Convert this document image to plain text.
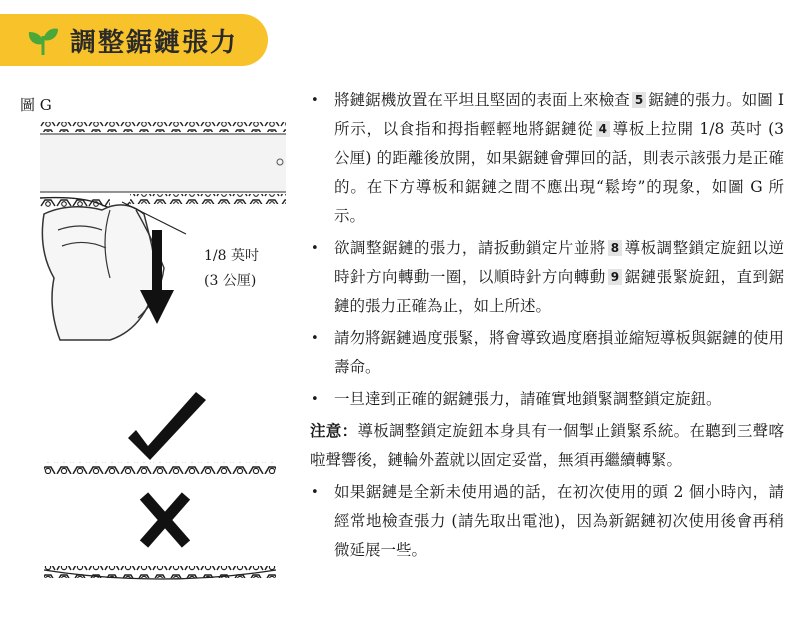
調整鋸鏈張力
圖 G
1/8 英吋
(3 公厘)
• 將鏈鋸機放置在平坦且堅固的表面上來檢查 5 鋸鏈的張力。如圖 I 所示，以食指和拇指輕輕地將鋸鏈從 4 導板上拉開 1/8 英吋 (3 公厘) 的距離後放開，如果鋸鏈會彈回的話，則表示該張力是正確的。在下方導板和鋸鏈之間不應出現“鬆垮”的現象，如圖 G 所示。
• 欲調整鋸鏈的張力，請扳動鎖定片並將 8 導板調整鎖定旋鈕以逆時針方向轉動一圈，以順時針方向轉動 9 鋸鏈張緊旋鈕，直到鋸鏈的張力正確為止，如上所述。
• 請勿將鋸鏈過度張緊，將會導致過度磨損並縮短導板與鋸鏈的使用壽命。
• 一旦達到正確的鋸鏈張力，請確實地鎖緊調整鎖定旋鈕。
注意：導板調整鎖定旋鈕本身具有一個掣止鎖緊系統。在聽到三聲喀啦聲響後，鏈輪外蓋就以固定妥當，無須再繼續轉緊。
• 如果鋸鏈是全新未使用過的話，在初次使用的頭 2 個小時內，請經常地檢查張力 (請先取出電池)，因為新鋸鏈初次使用後會再稍微延展一些。
